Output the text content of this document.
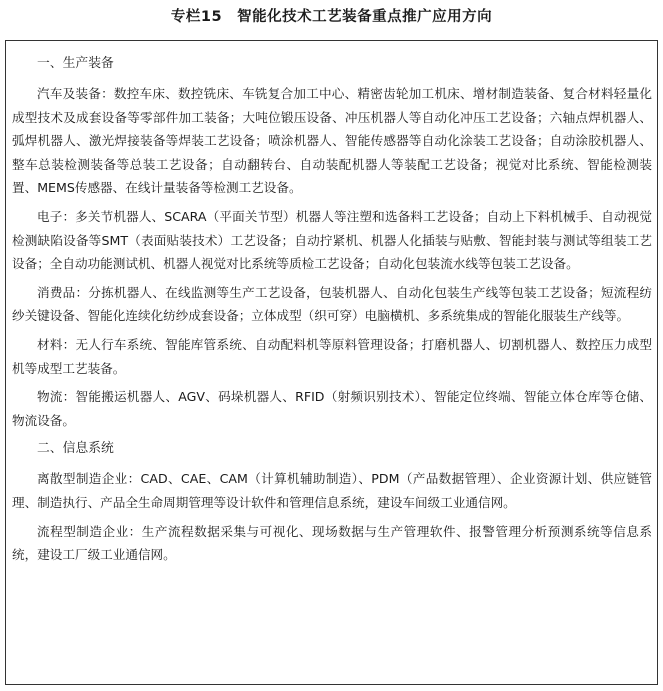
专栏15　智能化技术工艺装备重点推广应用方向
一、生产装备

汽车及装备：数控车床、数控铣床、车铣复合加工中心、精密齿轮加工机床、增材制造装备、复合材料轻量化成型技术及成套设备等零部件加工装备；大吨位锻压设备、冲压机器人等自动化冲压工艺设备；六轴点焊机器人、弧焊机器人、激光焊接装备等焊装工艺设备；喷涂机器人、智能传感器等自动化涂装工艺设备；自动涂胶机器人、整车总装检测装备等总装工艺设备；自动翻转台、自动装配机器人等装配工艺设备；视觉对比系统、智能检测装置、MEMS传感器、在线计量装备等检测工艺设备。

电子：多关节机器人、SCARA（平面关节型）机器人等注塑和选备料工艺设备；自动上下料机械手、自动视觉检测缺陷设备等SMT（表面贴装技术）工艺设备；自动拧紧机、机器人化插装与贴敷、智能封装与测试等组装工艺设备；全自动功能测试机、机器人视觉对比系统等质检工艺设备；自动化包装流水线等包装工艺设备。

消费品：分拣机器人、在线监测等生产工艺设备，包装机器人、自动化包装生产线等包装工艺设备；短流程纺纱关键设备、智能化连续化纺纱成套设备；立体成型（织可穿）电脑横机、多系统集成的智能化服装生产线等。

材料：无人行车系统、智能库管系统、自动配料机等原料管理设备；打磨机器人、切割机器人、数控压力成型机等成型工艺装备。

物流：智能搬运机器人、AGV、码垛机器人、RFID（射频识别技术）、智能定位终端、智能立体仓库等仓储、物流设备。

二、信息系统

离散型制造企业：CAD、CAE、CAM（计算机辅助制造）、PDM（产品数据管理）、企业资源计划、供应链管理、制造执行、产品全生命周期管理等设计软件和管理信息系统，建设车间级工业通信网。

流程型制造企业：生产流程数据采集与可视化、现场数据与生产管理软件、报警管理分析预测系统等信息系统，建设工厂级工业通信网。
